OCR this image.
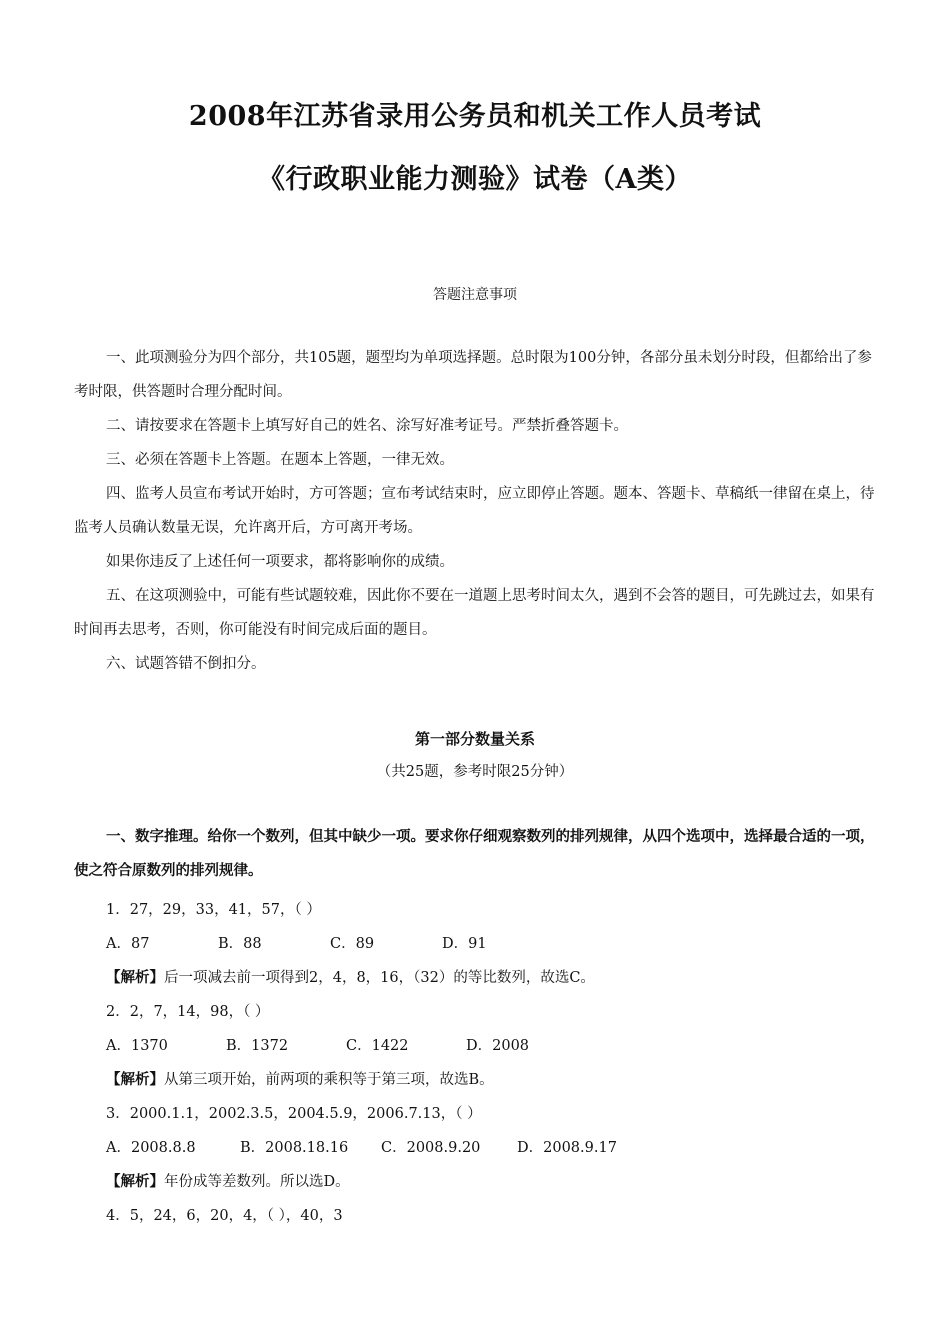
2008年江苏省录用公务员和机关工作人员考试
《行政职业能力测验》试卷（A类）
答题注意事项

一、此项测验分为四个部分，共105题，题型均为单项选择题。总时限为100分钟，各部分虽未划分时段，但都给出了参考时限，供答题时合理分配时间。

二、请按要求在答题卡上填写好自己的姓名、涂写好准考证号。严禁折叠答题卡。

三、必须在答题卡上答题。在题本上答题，一律无效。

四、监考人员宣布考试开始时，方可答题；宣布考试结束时，应立即停止答题。题本、答题卡、草稿纸一律留在桌上，待监考人员确认数量无误，允许离开后，方可离开考场。

如果你违反了上述任何一项要求，都将影响你的成绩。

五、在这项测验中，可能有些试题较难，因此你不要在一道题上思考时间太久，遇到不会答的题目，可先跳过去，如果有时间再去思考，否则，你可能没有时间完成后面的题目。

六、试题答错不倒扣分。

第一部分数量关系
（共25题，参考时限25分钟）

一、数字推理。给你一个数列，但其中缺少一项。要求你仔细观察数列的排列规律，从四个选项中，选择最合适的一项，使之符合原数列的排列规律。

1．27，29，33，41，57，（ ）
A．87	B．88	C．89	D．91
【解析】后一项减去前一项得到2，4，8，16，（32）的等比数列，故选C。
2．2，7，14，98，（ ）
A．1370	B．1372	C．1422	D．2008
【解析】从第三项开始，前两项的乘积等于第三项，故选B。
3．2000.1.1，2002.3.5，2004.5.9，2006.7.13，（ ）
A．2008.8.8	B．2008.18.16 C．2008.9.20	D．2008.9.17
【解析】年份成等差数列。所以选D。
4．5，24，6，20，4，（ ），40，3
